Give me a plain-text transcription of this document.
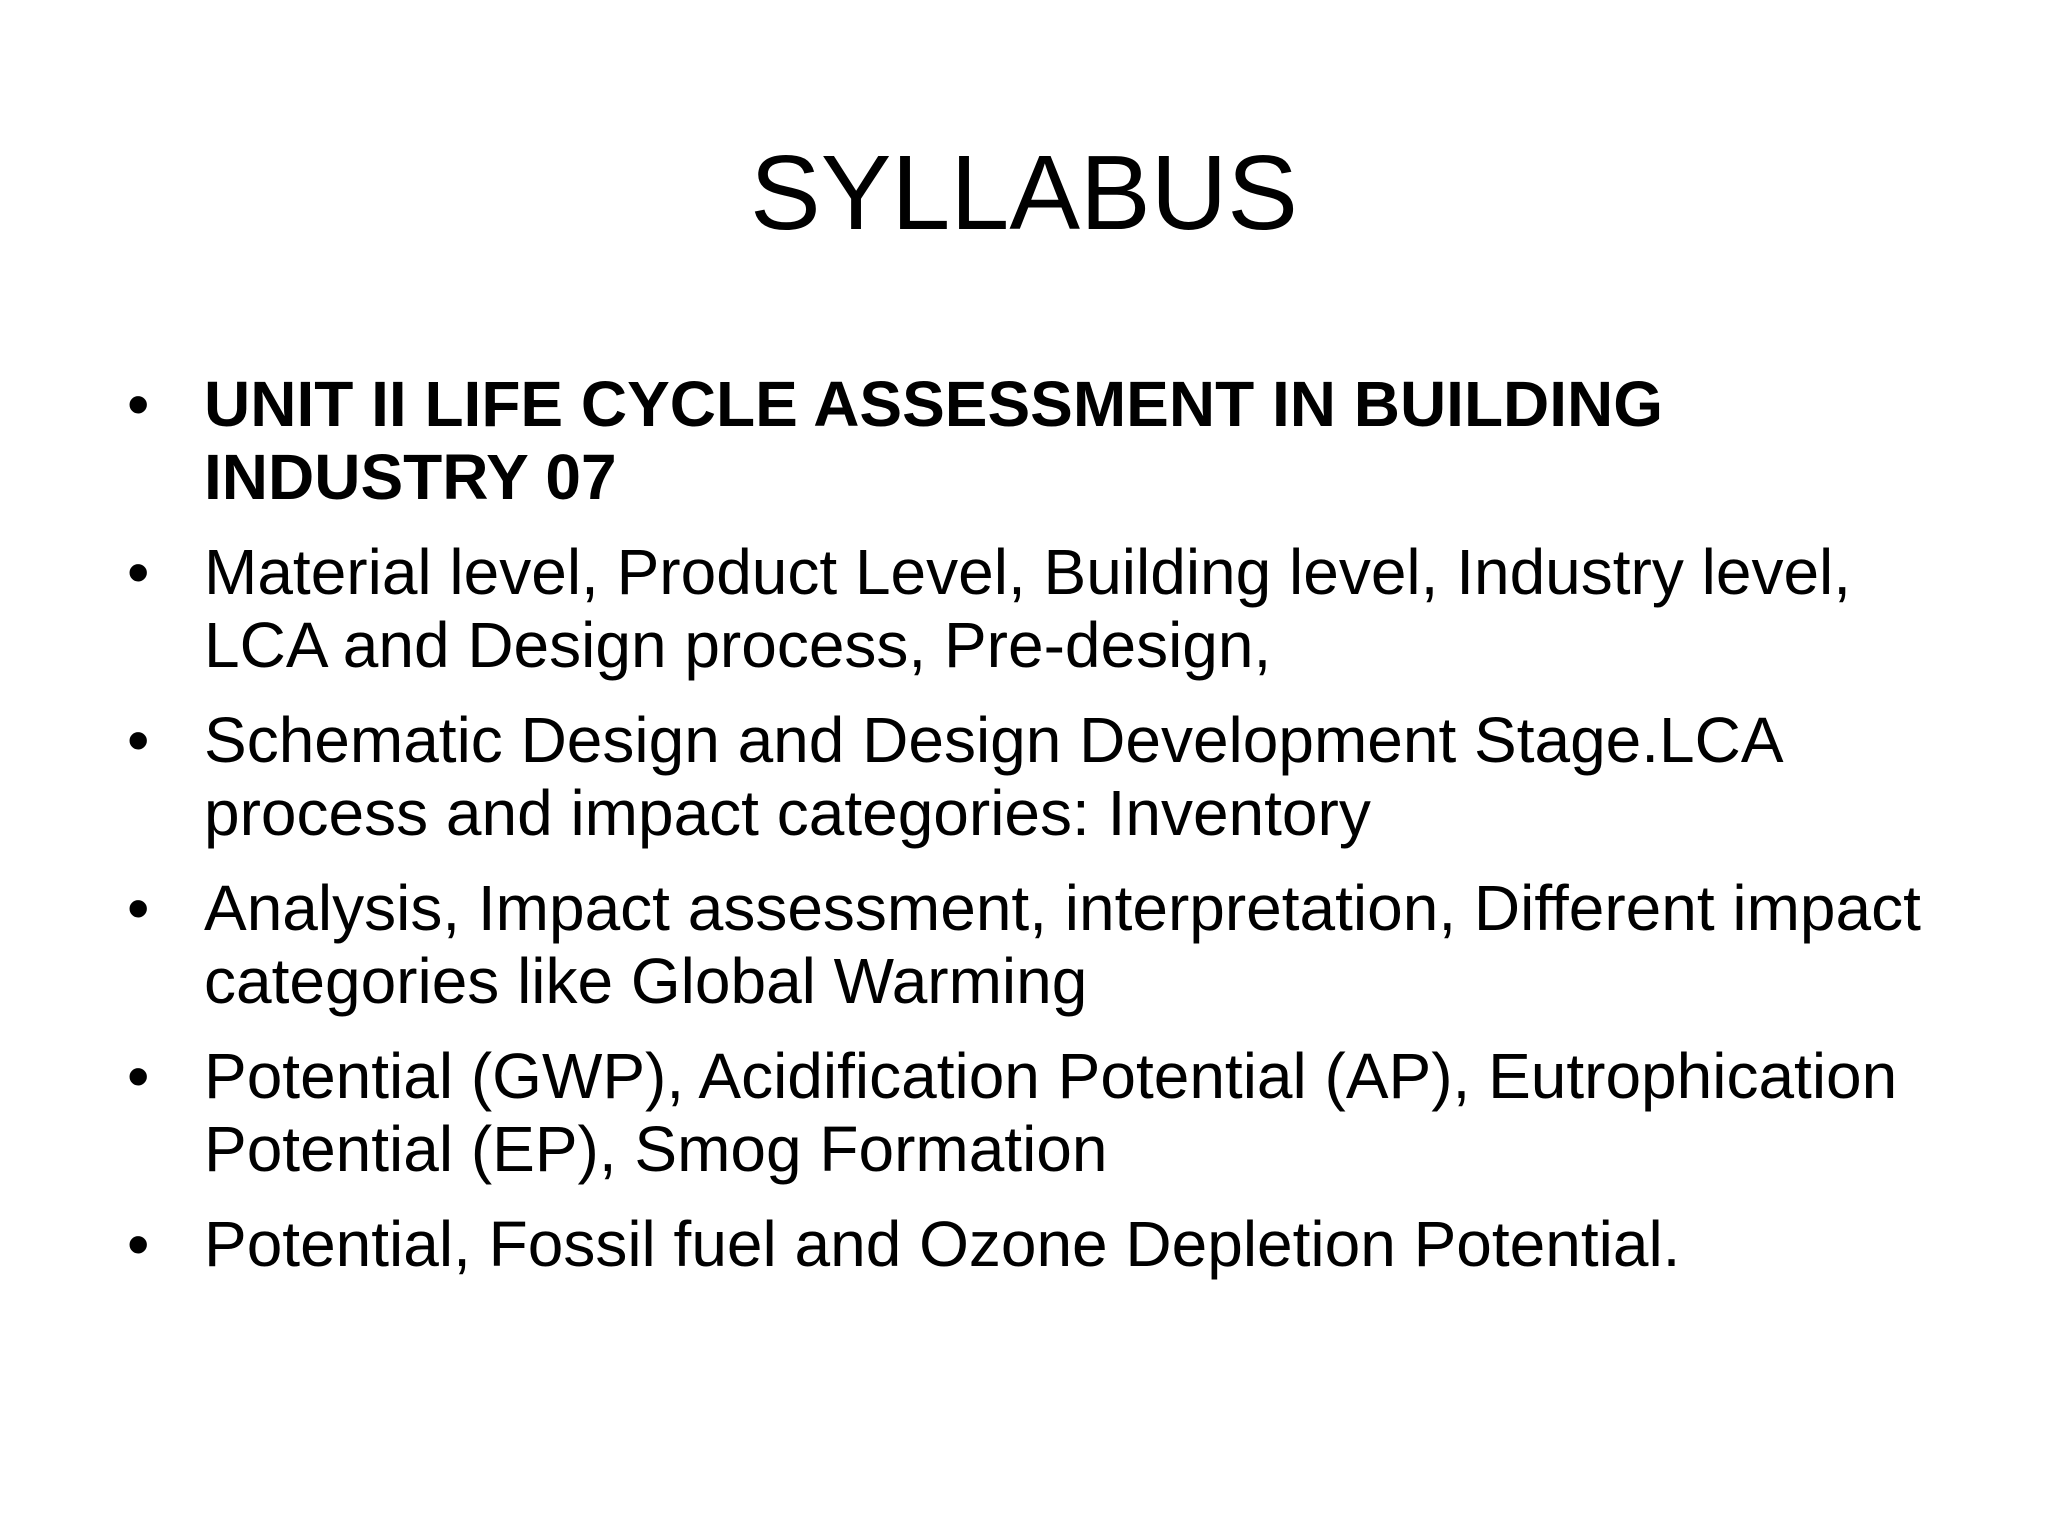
SYLLABUS
• UNIT II LIFE CYCLE ASSESSMENT IN BUILDING INDUSTRY 07
• Material level, Product Level, Building level, Industry level, LCA and Design process, Pre-design,
• Schematic Design and Design Development Stage.LCA process and impact categories: Inventory
• Analysis, Impact assessment, interpretation, Different impact categories like Global Warming
• Potential (GWP), Acidification Potential (AP), Eutrophication Potential (EP), Smog Formation
• Potential, Fossil fuel and Ozone Depletion Potential.
